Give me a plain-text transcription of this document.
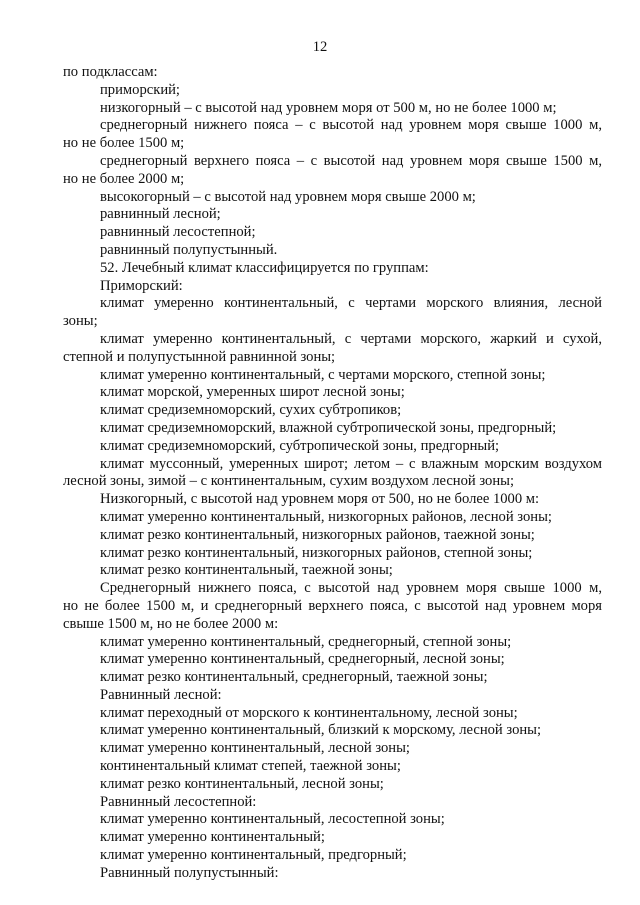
12
по подклассам:
приморский;
низкогорный – с высотой над уровнем моря от 500 м, но не более 1000 м;
среднегорный нижнего пояса – с высотой над уровнем моря свыше 1000 м,
но не более 1500 м;
среднегорный верхнего пояса – с высотой над уровнем моря свыше 1500 м,
но не более 2000 м;
высокогорный – с высотой над уровнем моря свыше 2000 м;
равнинный лесной;
равнинный лесостепной;
равнинный полупустынный.
52. Лечебный климат классифицируется по группам:
Приморский:
климат умеренно континентальный, с чертами морского влияния, лесной
зоны;
климат умеренно континентальный, с чертами морского, жаркий и сухой,
степной и полупустынной равнинной зоны;
климат умеренно континентальный, с чертами морского, степной зоны;
климат морской, умеренных широт лесной зоны;
климат средиземноморский, сухих субтропиков;
климат средиземноморский, влажной субтропической зоны, предгорный;
климат средиземноморский, субтропической зоны, предгорный;
климат муссонный, умеренных широт; летом – с влажным морским воздухом
лесной зоны, зимой – с континентальным, сухим воздухом лесной зоны;
Низкогорный, с высотой над уровнем моря от 500, но не более 1000 м:
климат умеренно континентальный, низкогорных районов, лесной зоны;
климат резко континентальный, низкогорных районов, таежной зоны;
климат резко континентальный, низкогорных районов, степной зоны;
климат резко континентальный, таежной зоны;
Среднегорный нижнего пояса, с высотой над уровнем моря свыше 1000 м,
но не более 1500 м, и среднегорный верхнего пояса, с высотой над уровнем моря
свыше 1500 м, но не более 2000 м:
климат умеренно континентальный, среднегорный, степной зоны;
климат умеренно континентальный, среднегорный, лесной зоны;
климат резко континентальный, среднегорный, таежной зоны;
Равнинный лесной:
климат переходный от морского к континентальному, лесной зоны;
климат умеренно континентальный, близкий к морскому, лесной зоны;
климат умеренно континентальный, лесной зоны;
континентальный климат степей, таежной зоны;
климат резко континентальный, лесной зоны;
Равнинный лесостепной:
климат умеренно континентальный, лесостепной зоны;
климат умеренно континентальный;
климат умеренно континентальный, предгорный;
Равнинный полупустынный:
